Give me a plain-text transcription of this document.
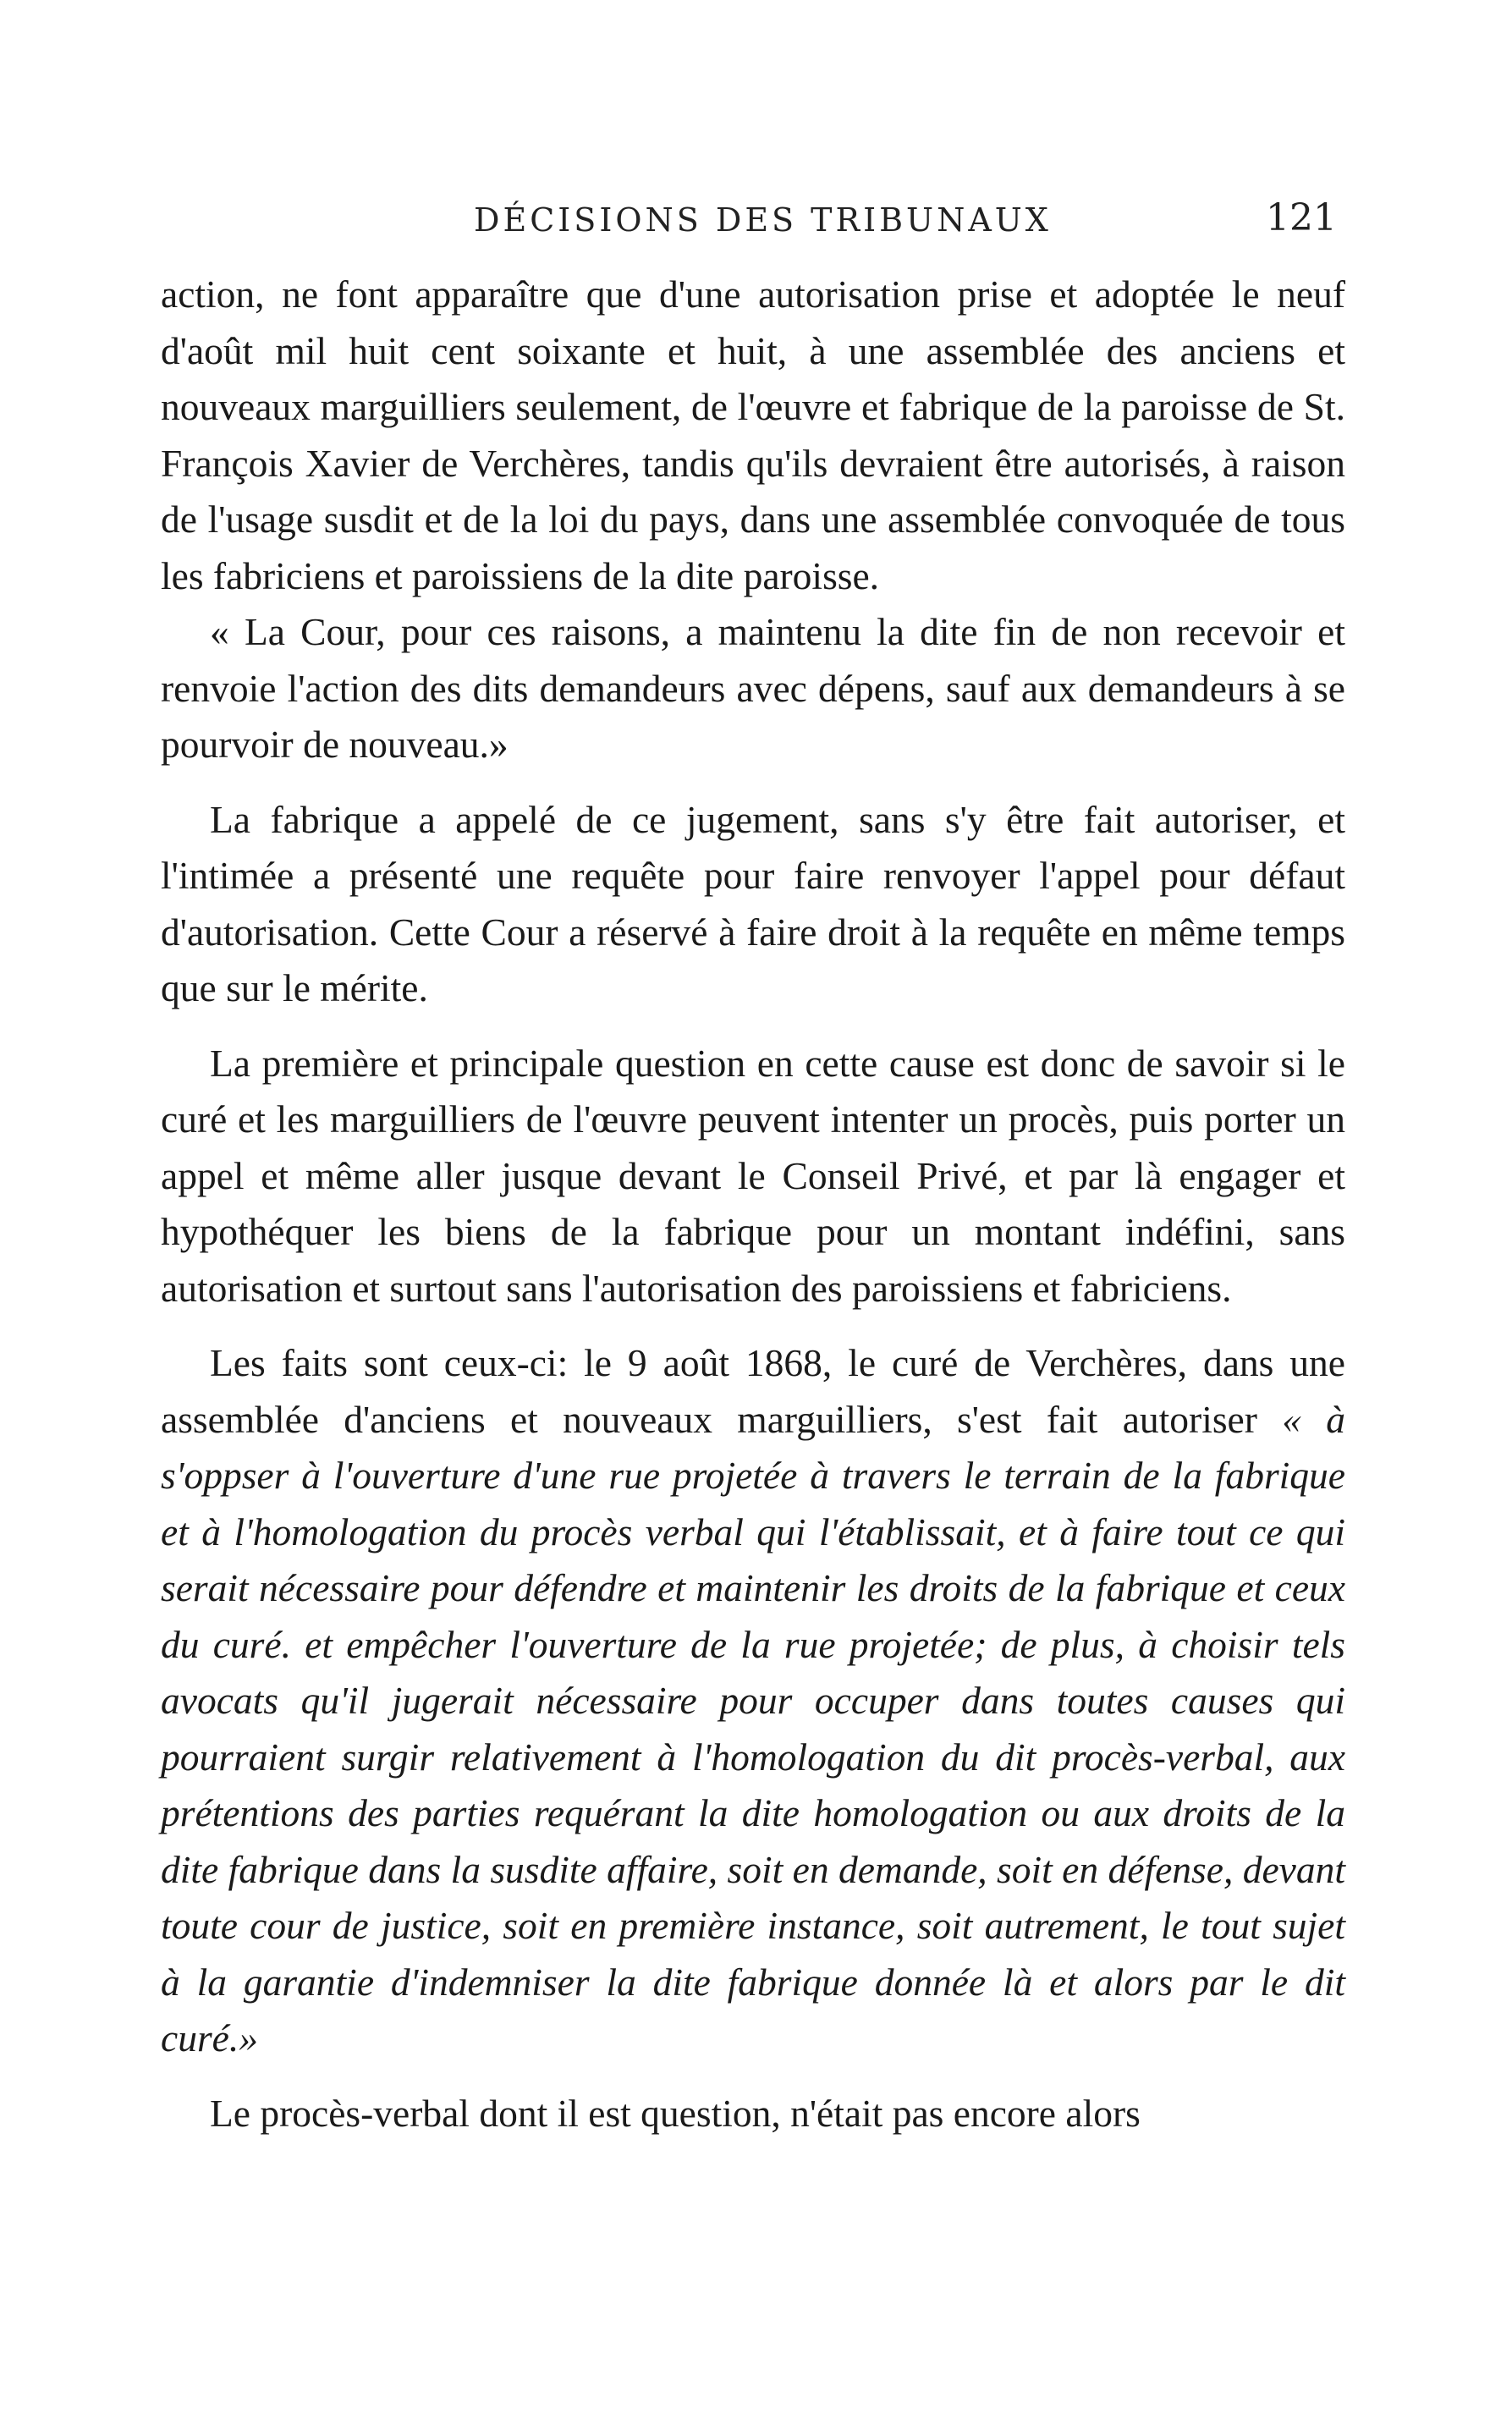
DÉCISIONS DES TRIBUNAUX	121

action, ne font apparaître que d'une autorisation prise et adoptée le neuf d'août mil huit cent soixante et huit, à une assemblée des anciens et nouveaux marguilliers seulement, de l'œuvre et fabrique de la paroisse de St. François Xavier de Verchères, tandis qu'ils devraient être autorisés, à raison de l'usage susdit et de la loi du pays, dans une assemblée convoquée de tous les fabriciens et paroissiens de la dite paroisse.

« La Cour, pour ces raisons, a maintenu la dite fin de non recevoir et renvoie l'action des dits demandeurs avec dépens, sauf aux demandeurs à se pourvoir de nouveau.»

La fabrique a appelé de ce jugement, sans s'y être fait autoriser, et l'intimée a présenté une requête pour faire renvoyer l'appel pour défaut d'autorisation. Cette Cour a réservé à faire droit à la requête en même temps que sur le mérite.

La première et principale question en cette cause est donc de savoir si le curé et les marguilliers de l'œuvre peuvent intenter un procès, puis porter un appel et même aller jusque devant le Conseil Privé, et par là engager et hypothéquer les biens de la fabrique pour un montant indéfini, sans autorisation et surtout sans l'autorisation des paroissiens et fabriciens.

Les faits sont ceux-ci: le 9 août 1868, le curé de Verchères, dans une assemblée d'anciens et nouveaux marguilliers, s'est fait autoriser « à s'oppser à l'ouverture d'une rue projetée à travers le terrain de la fabrique et à l'homologation du procès verbal qui l'établissait, et à faire tout ce qui serait nécessaire pour défendre et maintenir les droits de la fabrique et ceux du curé. et empêcher l'ouverture de la rue projetée; de plus, à choisir tels avocats qu'il jugerait nécessaire pour occuper dans toutes causes qui pourraient surgir relativement à l'homologation du dit procès-verbal, aux prétentions des parties requérant la dite homologation ou aux droits de la dite fabrique dans la susdite affaire, soit en demande, soit en défense, devant toute cour de justice, soit en première instance, soit autrement, le tout sujet à la garantie d'indemniser la dite fabrique donnée là et alors par le dit curé.»

Le procès-verbal dont il est question, n'était pas encore alors
